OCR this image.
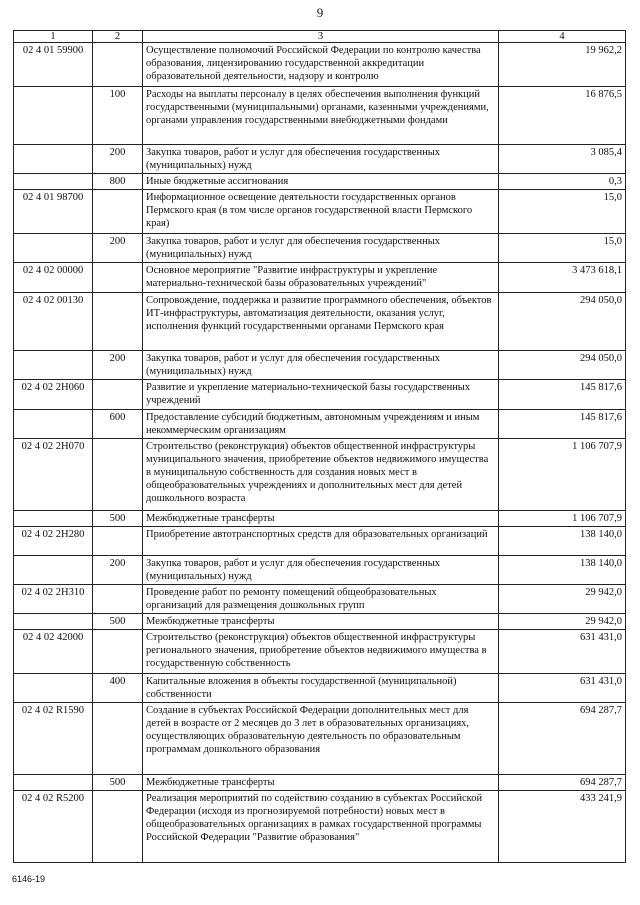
9
1	2	3	4
02 4 01 59900		Осуществление полномочий Российской Федерации по контролю качества образования, лицензированию государственной аккредитации образовательной деятельности, надзору и контролю	19 962,2
	100	Расходы на выплаты персоналу в целях обеспечения выполнения функций государственными (муниципальными) органами, казенными учреждениями, органами управления государственными внебюджетными фондами	16 876,5
	200	Закупка товаров, работ и услуг для обеспечения государственных (муниципальных) нужд	3 085,4
	800	Иные бюджетные ассигнования	0,3
02 4 01 98700		Информационное освещение деятельности государственных органов Пермского края (в том числе органов государственной власти Пермского края)	15,0
	200	Закупка товаров, работ и услуг для обеспечения государственных (муниципальных) нужд	15,0
02 4 02 00000		Основное мероприятие "Развитие инфраструктуры и укрепление материально-технической базы образовательных учреждений"	3 473 618,1
02 4 02 00130		Сопровождение, поддержка и развитие программного обеспечения, объектов ИТ-инфраструктуры, автоматизация деятельности, оказания услуг, исполнения функций государственными органами Пермского края	294 050,0
	200	Закупка товаров, работ и услуг для обеспечения государственных (муниципальных) нужд	294 050,0
02 4 02 2Н060		Развитие и укрепление материально-технической базы государственных учреждений	145 817,6
	600	Предоставление субсидий бюджетным, автономным учреждениям и иным некоммерческим организациям	145 817,6
02 4 02 2Н070		Строительство (реконструкция) объектов общественной инфраструктуры муниципального значения, приобретение объектов недвижимого имущества в муниципальную собственность для создания новых мест в общеобразовательных учреждениях и дополнительных мест для детей дошкольного возраста	1 106 707,9
	500	Межбюджетные трансферты	1 106 707,9
02 4 02 2Н280		Приобретение автотранспортных средств для образовательных организаций	138 140,0
	200	Закупка товаров, работ и услуг для обеспечения государственных (муниципальных) нужд	138 140,0
02 4 02 2Н310		Проведение работ по ремонту помещений общеобразовательных организаций для размещения дошкольных групп	29 942,0
	500	Межбюджетные трансферты	29 942,0
02 4 02 42000		Строительство (реконструкция) объектов общественной инфраструктуры регионального значения, приобретение объектов недвижимого имущества в государственную собственность	631 431,0
	400	Капитальные вложения в объекты государственной (муниципальной) собственности	631 431,0
02 4 02 R1590		Создание в субъектах Российской Федерации дополнительных мест для детей в возрасте от 2 месяцев до 3 лет в образовательных организациях, осуществляющих образовательную деятельность по образовательным программам дошкольного образования	694 287,7
	500	Межбюджетные трансферты	694 287,7
02 4 02 R5200		Реализация мероприятий по содействию созданию в субъектах Российской Федерации (исходя из прогнозируемой потребности) новых мест в общеобразовательных организациях в рамках государственной программы Российской Федерации "Развитие образования"	433 241,9
6146-19
